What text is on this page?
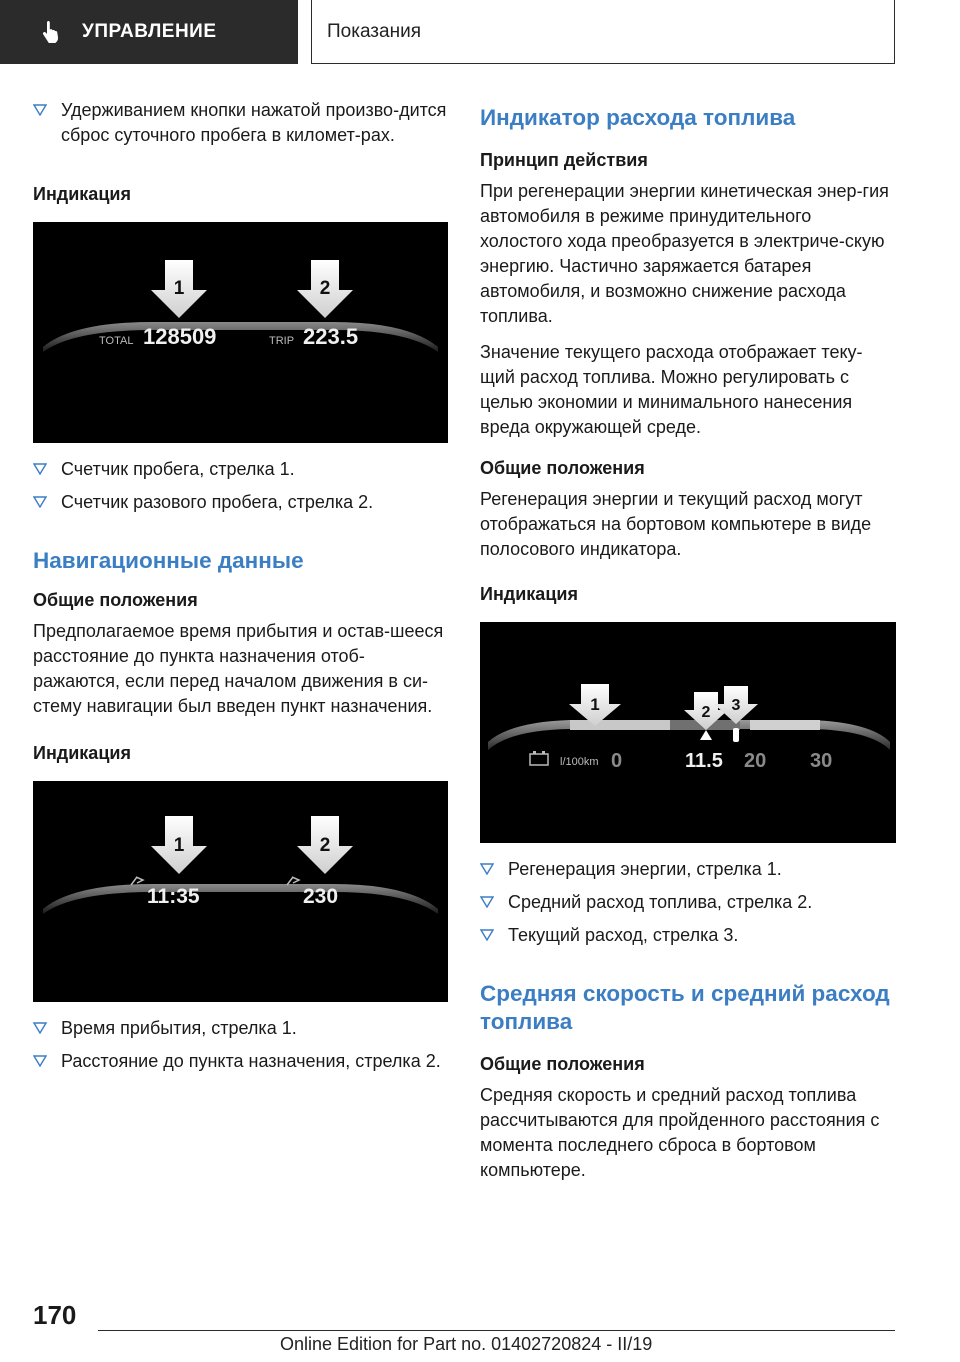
УПРАВЛЕНИЕ	Показания
Удерживанием кнопки нажатой произво-дится сброс суточного пробега в километ-рах.
Индикация
1	2
TOTAL 128509	TRIP 223.5
Счетчик пробега, стрелка 1.
Счетчик разового пробега, стрелка 2.
Навигационные данные
Общие положения

Предполагаемое время прибытия и остав-шееся расстояние до пункта назначения отоб-ражаются, если перед началом движения в си-стему навигации был введен пункт назначения.

Индикация
1	2
11:35	230
Время прибытия, стрелка 1.
Расстояние до пункта назначения, стрелка 2.
Индикатор расхода топлива
Принцип действия

При регенерации энергии кинетическая энер-гия автомобиля в режиме принудительного холостого хода преобразуется в электриче-скую энергию. Частично заряжается батарея автомобиля, и возможно снижение расхода топлива.

Значение текущего расхода отображает теку-щий расход топлива. Можно регулировать с целью экономии и минимального нанесения вреда окружающей среде.

Общие положения

Регенерация энергии и текущий расход могут отображаться на бортовом компьютере в виде полосового индикатора.

Индикация
1	2 3
l/100km 0	11.5 20 30
Регенерация энергии, стрелка 1.
Средний расход топлива, стрелка 2.
Текущий расход, стрелка 3.
Средняя скорость и средний расход топлива
Общие положения

Средняя скорость и средний расход топлива рассчитываются для пройденного расстояния с момента последнего сброса в бортовом компьютере.

170
Online Edition for Part no. 01402720824 - II/19
